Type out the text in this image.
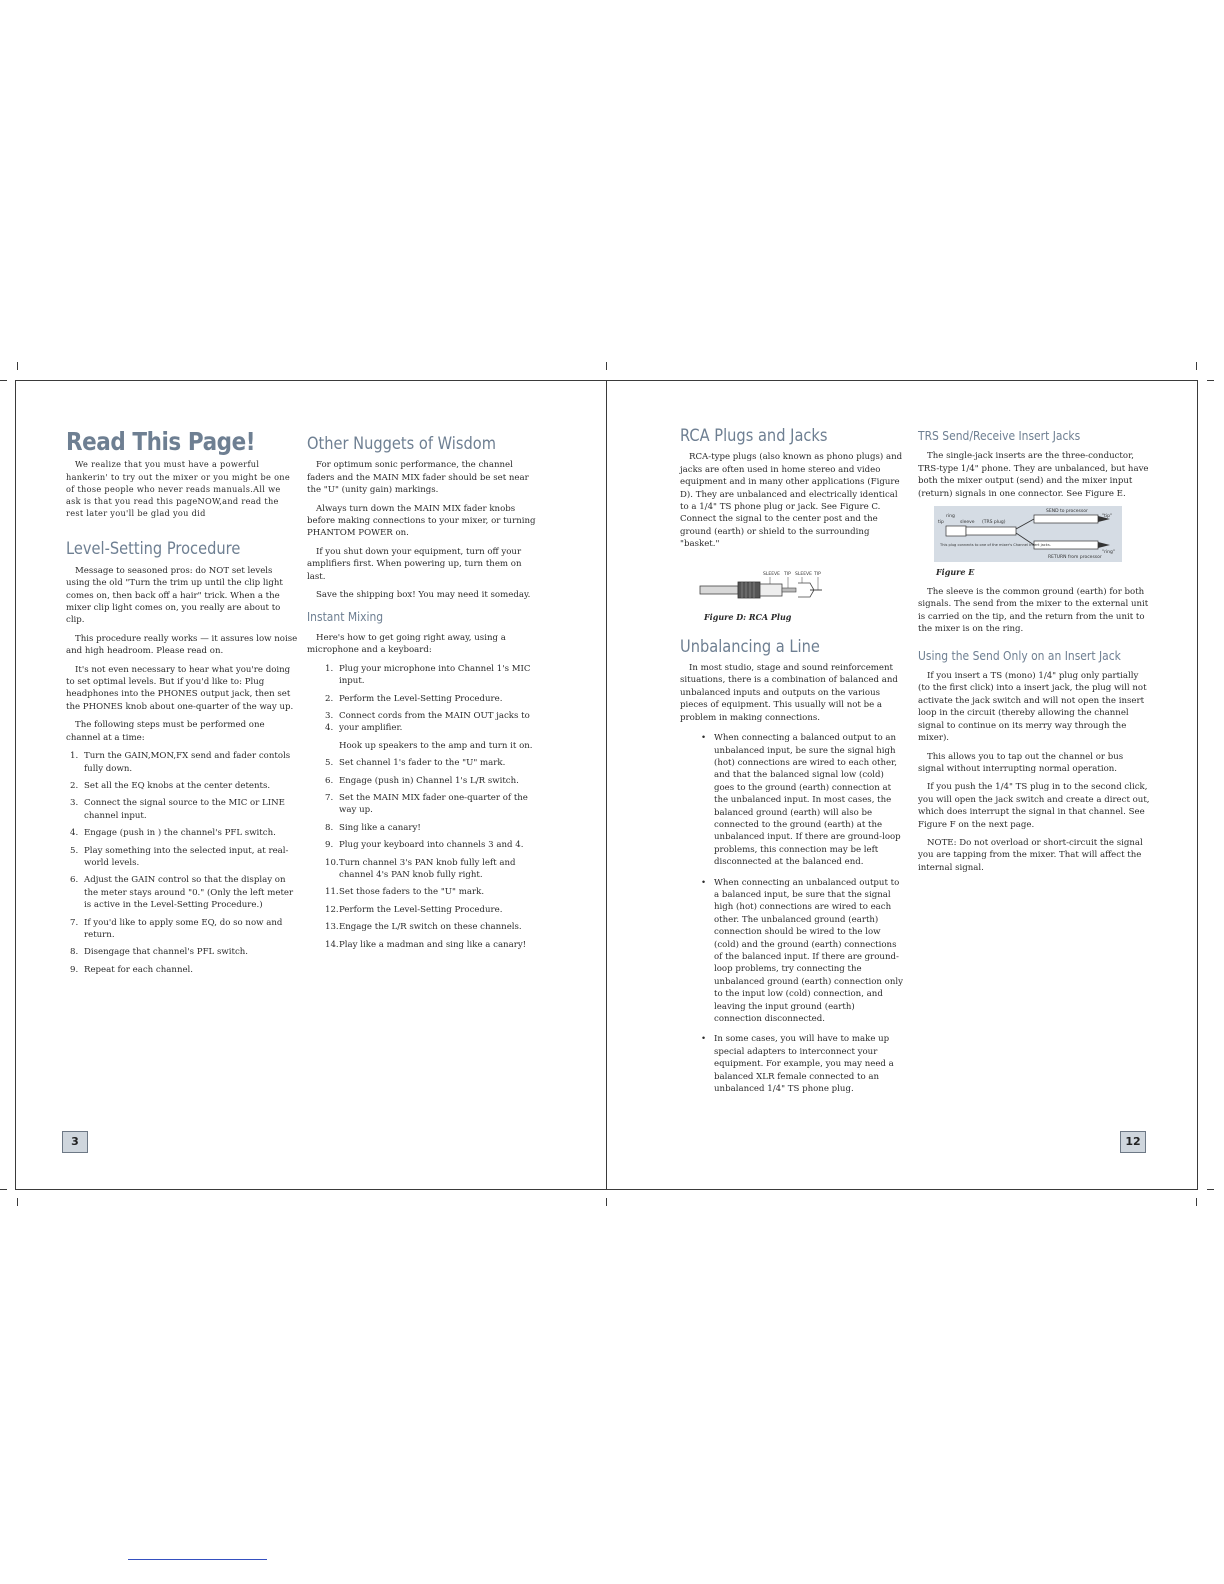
Read This Page!

We realize that you must have a powerful hankerin' to try out the mixer or you might be one of those people who never reads manuals.All we ask is that you read this pageNOW,and read the rest later you'll be glad you did

Level-Setting Procedure

Message to seasoned pros: do NOT set levels using the old "Turn the trim up until the clip light comes on, then back off a hair" trick. When a the mixer clip light comes on, you really are about to clip.

This procedure really works — it assures low noise and high headroom. Please read on.

It's not even necessary to hear what you're doing to set optimal levels. But if you'd like to: Plug headphones into the PHONES output jack, then set the PHONES knob about one-quarter of the way up.

The following steps must be performed one channel at a time:

1. Turn the GAIN,MON,FX send and fader contols fully down.
2. Set all the EQ knobs at the center detents.
3. Connect the signal source to the MIC or LINE channel input.
4. Engage (push in ) the channel's PFL switch.
5. Play something into the selected input, at real-world levels.
6. Adjust the GAIN control so that the display on the meter stays around "0." (Only the left meter is active in the Level-Setting Procedure.)
7. If you'd like to apply some EQ, do so now and return.
8. Disengage that channel's PFL switch.
9. Repeat for each channel.
Other Nuggets of Wisdom

For optimum sonic performance, the channel faders and the MAIN MIX fader should be set near the "U" (unity gain) markings.

Always turn down the MAIN MIX fader knobs before making connections to your mixer, or turning PHANTOM POWER on.

If you shut down your equipment, turn off your amplifiers first. When powering up, turn them on last.

Save the shipping box! You may need it someday.

Instant Mixing

Here's how to get going right away, using a microphone and a keyboard:

1. Plug your microphone into Channel 1's MIC input.
2. Perform the Level-Setting Procedure.
3. Connect cords from the MAIN OUT jacks to
4. your amplifier.
Hook up speakers to the amp and turn it on.
5. Set channel 1's fader to the "U" mark.
6. Engage (push in) Channel 1's L/R switch.
7. Set the MAIN MIX fader one-quarter of the way up.
8. Sing like a canary!
9. Plug your keyboard into channels 3 and 4.
10. Turn channel 3's PAN knob fully left and channel 4's PAN knob fully right.
11. Set those faders to the "U" mark.
12. Perform the Level-Setting Procedure.
13. Engage the L/R switch on these channels.
14. Play like a madman and sing like a canary!
3
RCA Plugs and Jacks

RCA-type plugs (also known as phono plugs) and jacks are often used in home stereo and video equipment and in many other applications (Figure D). They are unbalanced and electrically identical to a 1/4" TS phone plug or jack. See Figure C. Connect the signal to the center post and the ground (earth) or shield to the surrounding "basket."

SLEEVE TIP SLEEVE TIP
Figure D: RCA Plug
Unbalancing a Line

In most studio, stage and sound reinforcement situations, there is a combination of balanced and unbalanced inputs and outputs on the various pieces of equipment. This usually will not be a problem in making connections.

• When connecting a balanced output to an unbalanced input, be sure the signal high (hot) connections are wired to each other, and that the balanced signal low (cold) goes to the ground (earth) connection at the unbalanced input. In most cases, the balanced ground (earth) will also be connected to the ground (earth) at the unbalanced input. If there are ground-loop problems, this connection may be left disconnected at the balanced end.
• When connecting an unbalanced output to a balanced input, be sure that the signal high (hot) connections are wired to each other. The unbalanced ground (earth) connection should be wired to the low (cold) and the ground (earth) connections of the balanced input. If there are ground-loop problems, try connecting the unbalanced ground (earth) connection only to the input low (cold) connection, and leaving the input ground (earth) connection disconnected.
• In some cases, you will have to make up special adapters to interconnect your equipment. For example, you may need a balanced XLR female connected to an unbalanced 1/4" TS phone plug.
TRS Send/Receive Insert Jacks

The single-jack inserts are the three-conductor, TRS-type 1/4" phone. They are unbalanced, but have both the mixer output (send) and the mixer input (return) signals in one connector. See Figure E.

SEND to processor
"tip"
ring
sleeve (TRS plug)
tip
This plug connects to one of the mixer's Channel Insert jacks.
"ring"
RETURN from processor
Figure E

The sleeve is the common ground (earth) for both signals. The send from the mixer to the external unit is carried on the tip, and the return from the unit to the mixer is on the ring.

Using the Send Only on an Insert Jack

If you insert a TS (mono) 1/4" plug only partially (to the first click) into a insert jack, the plug will not activate the jack switch and will not open the insert loop in the circuit (thereby allowing the channel signal to continue on its merry way through the mixer).

This allows you to tap out the channel or bus signal without interrupting normal operation.

If you push the 1/4" TS plug in to the second click, you will open the jack switch and create a direct out, which does interrupt the signal in that channel. See Figure F on the next page.

NOTE: Do not overload or short-circuit the signal you are tapping from the mixer. That will affect the internal signal.

12
